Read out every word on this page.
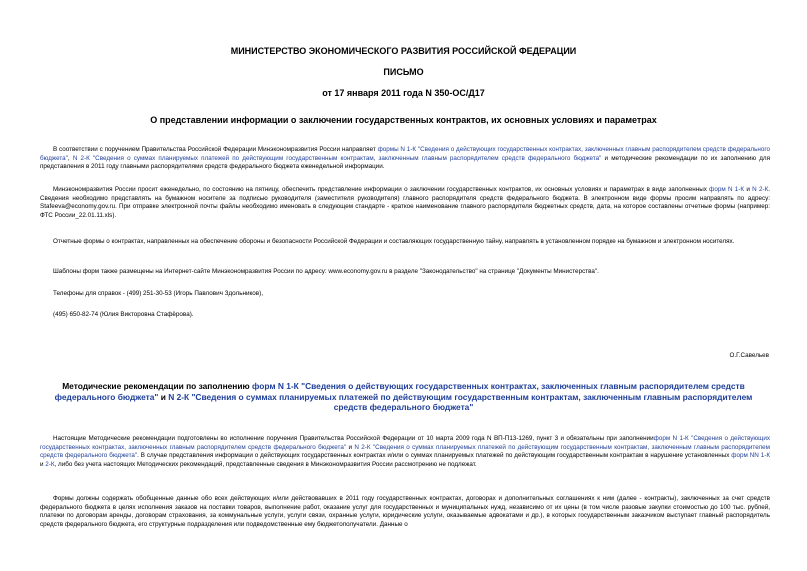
МИНИСТЕРСТВО ЭКОНОМИЧЕСКОГО РАЗВИТИЯ РОССИЙСКОЙ ФЕДЕРАЦИИ
ПИСЬМО
от 17 января 2011 года N 350-ОС/Д17
О представлении информации о заключении государственных контрактов, их основных условиях и параметрах

В соответствии с поручением Правительства Российской Федерации Минэкономразвития России направляет формы N 1-К "Сведения о действующих государственных контрактах, заключенных главным распорядителем средств федерального бюджета", N 2-К "Сведения о суммах планируемых платежей по действующим государственным контрактам, заключенным главным распорядителем средств федерального бюджета" и методические рекомендации по их заполнению для представления в 2011 году главными распорядителями средств федерального бюджета еженедельной информации.

Минэкономразвития России просит еженедельно, по состоянию на пятницу, обеспечить представление информации о заключении государственных контрактов, их основных условиях и параметрах в виде заполненных форм N 1-К и N 2-К. Сведения необходимо представлять на бумажном носителе за подписью руководителя (заместителя руководителя) главного распорядителя средств федерального бюджета. В электронном виде формы просим направлять по адресу: Stafeeva@economy.gov.ru. При отправке электронной почты файлы необходимо именовать в следующем стандарте - краткое наименование главного распорядителя бюджетных средств, дата, на которое составлены отчетные формы (например: ФТС России_22.01.11.xls).

Отчетные формы о контрактах, направленных на обеспечение обороны и безопасности Российской Федерации и составляющих государственную тайну, направлять в установленном порядке на бумажном и электронном носителях.

Шаблоны форм также размещены на Интернет-сайте Минэкономразвития России по адресу: www.economy.gov.ru в разделе "Законодательство" на странице "Документы Министерства".

Телефоны для справок - (499) 251-30-53 (Игорь Павлович Здольников),

(495) 650-82-74 (Юлия Викторовна Стафёрова).

О.Г.Савельев

Методические рекомендации по заполнению форм N 1-К "Сведения о действующих государственных контрактах, заключенных главным распорядителем средств федерального бюджета" и N 2-К "Сведения о суммах планируемых платежей по действующим государственным контрактам, заключенным главным распорядителем средств федерального бюджета"

Настоящие Методические рекомендации подготовлены во исполнение поручения Правительства Российской Федерации от 10 марта 2009 года N ВП-П13-1269, пункт 3 и обязательны при заполненииформ N 1-К "Сведения о действующих государственных контрактах, заключенных главным распорядителем средств федерального бюджета" и N 2-К "Сведения о суммах планируемых платежей по действующим государственным контрактам, заключенным главным распорядителем средств федерального бюджета". В случае представления информации о действующих государственных контрактах и/или о суммах планируемых платежей по действующим государственным контрактам в нарушение установленных форм NN 1-К и 2-К, либо без учета настоящих Методических рекомендаций, представленные сведения в Минэкономразвития России рассмотрению не подлежат.

Формы должны содержать обобщенные данные обо всех действующих и/или действовавших в 2011 году государственных контрактах, договорах и дополнительных соглашениях к ним (далее - контракты), заключенных за счет средств федерального бюджета в целях исполнения заказов на поставки товаров, выполнение работ, оказание услуг для государственных и муниципальных нужд, независимо от их цены (в том числе разовые закупки стоимостью до 100 тыс. рублей, платежи по договорам аренды, договорам страхования, за коммунальные услуги, услуги связи, охранные услуги, юридические услуги, оказываемые адвокатами и др.), в которых государственным заказчиком выступает главный распорядитель средств федерального бюджета, его структурные подразделения или подведомственные ему бюджетополучатели. Данные о
